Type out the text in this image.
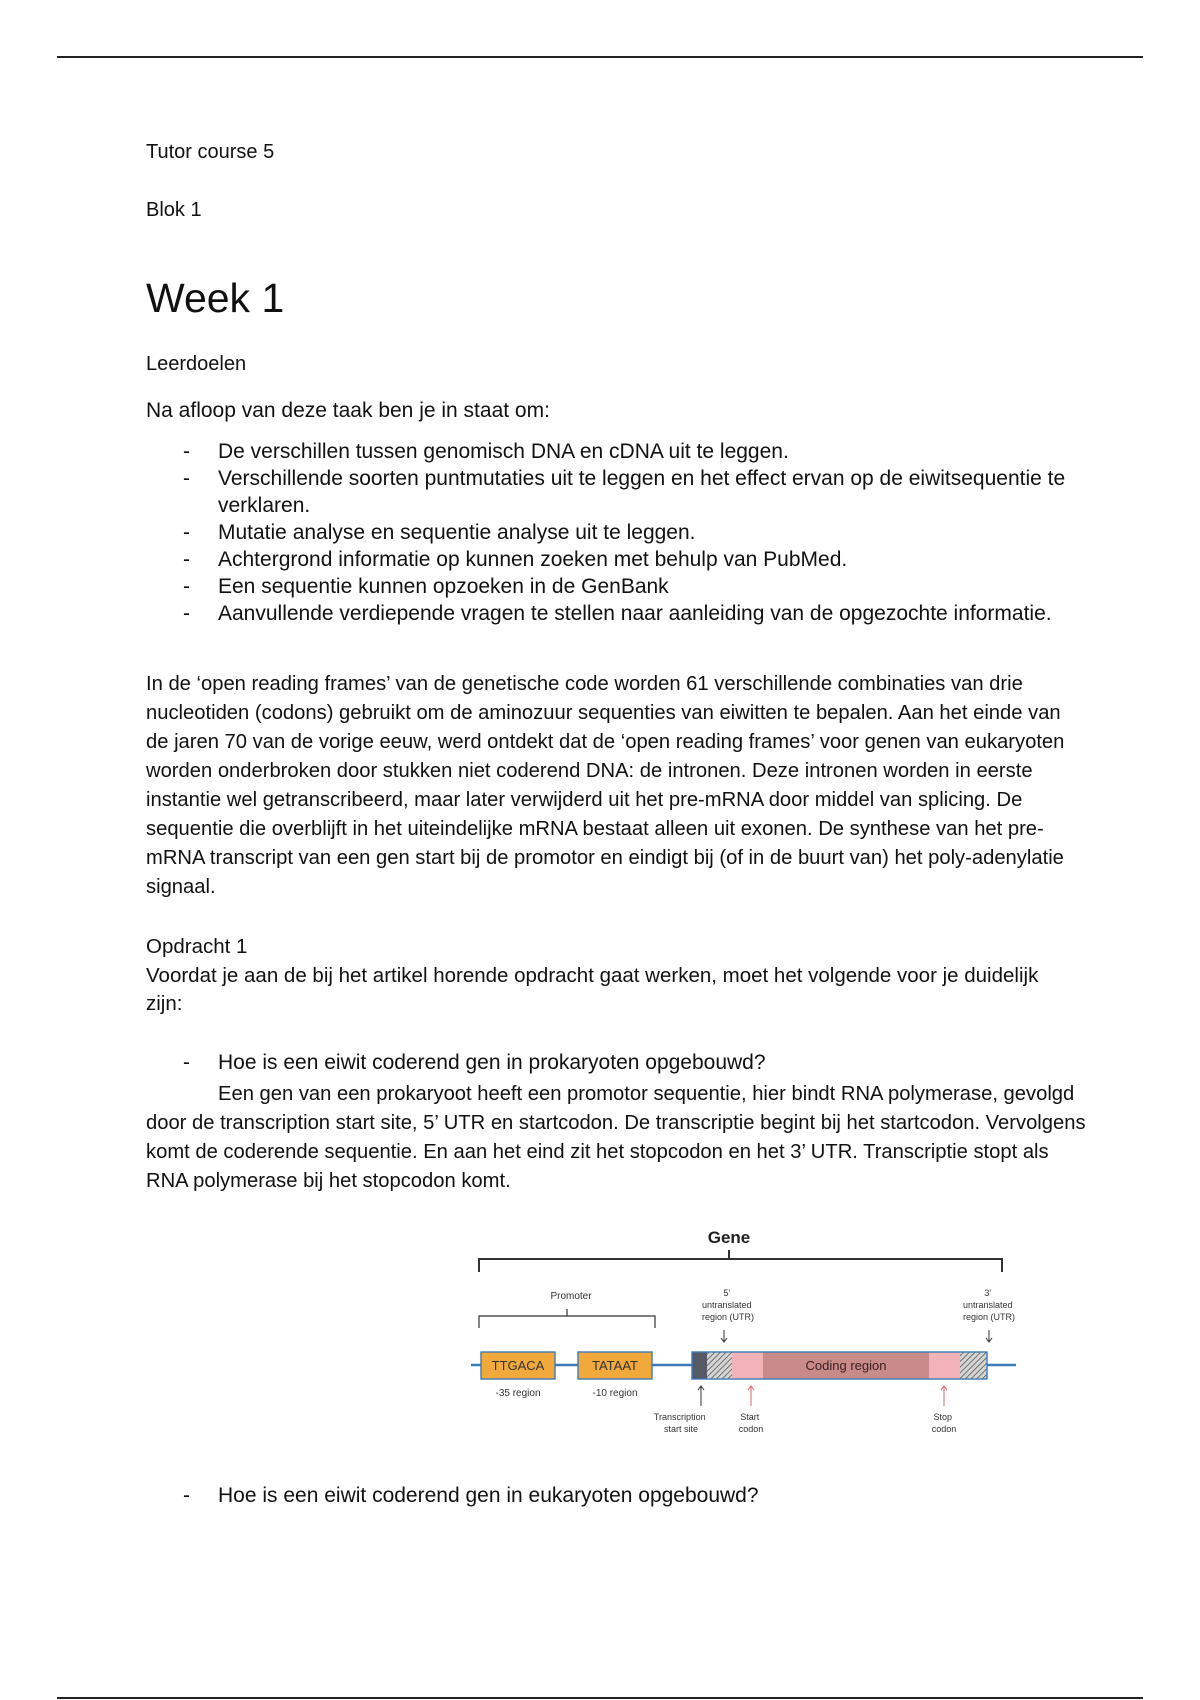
Tutor course 5

Blok 1

Week 1

Leerdoelen

Na afloop van deze taak ben je in staat om:

- De verschillen tussen genomisch DNA en cDNA uit te leggen.
- Verschillende soorten puntmutaties uit te leggen en het effect ervan op de eiwitsequentie te verklaren.
- Mutatie analyse en sequentie analyse uit te leggen.
- Achtergrond informatie op kunnen zoeken met behulp van PubMed.
- Een sequentie kunnen opzoeken in de GenBank
- Aanvullende verdiepende vragen te stellen naar aanleiding van de opgezochte informatie.

In de ‘open reading frames’ van de genetische code worden 61 verschillende combinaties van drie nucleotiden (codons) gebruikt om de aminozuur sequenties van eiwitten te bepalen. Aan het einde van de jaren 70 van de vorige eeuw, werd ontdekt dat de ‘open reading frames’ voor genen van eukaryoten worden onderbroken door stukken niet coderend DNA: de intronen. Deze intronen worden in eerste instantie wel getranscribeerd, maar later verwijderd uit het pre-mRNA door middel van splicing. De sequentie die overblijft in het uiteindelijke mRNA bestaat alleen uit exonen. De synthese van het pre-mRNA transcript van een gen start bij de promotor en eindigt bij (of in de buurt van) het poly-adenylatie signaal.

Opdracht 1

Voordat je aan de bij het artikel horende opdracht gaat werken, moet het volgende voor je duidelijk zijn:

- Hoe is een eiwit coderend gen in prokaryoten opgebouwd?

Een gen van een prokaryoot heeft een promotor sequentie, hier bindt RNA polymerase, gevolgd door de transcription start site, 5’ UTR en startcodon. De transcriptie begint bij het startcodon. Vervolgens komt de coderende sequentie. En aan het eind zit het stopcodon en het 3’ UTR. Transcriptie stopt als RNA polymerase bij het stopcodon komt.

Gene
Promoter	5' untranslated region (UTR)
3' untranslated region (UTR)
TTGACA	TATAAT
-35 region	-10 region
Coding region
Transcription start site
Start codon
Stop codon
- Hoe is een eiwit coderend gen in eukaryoten opgebouwd?
